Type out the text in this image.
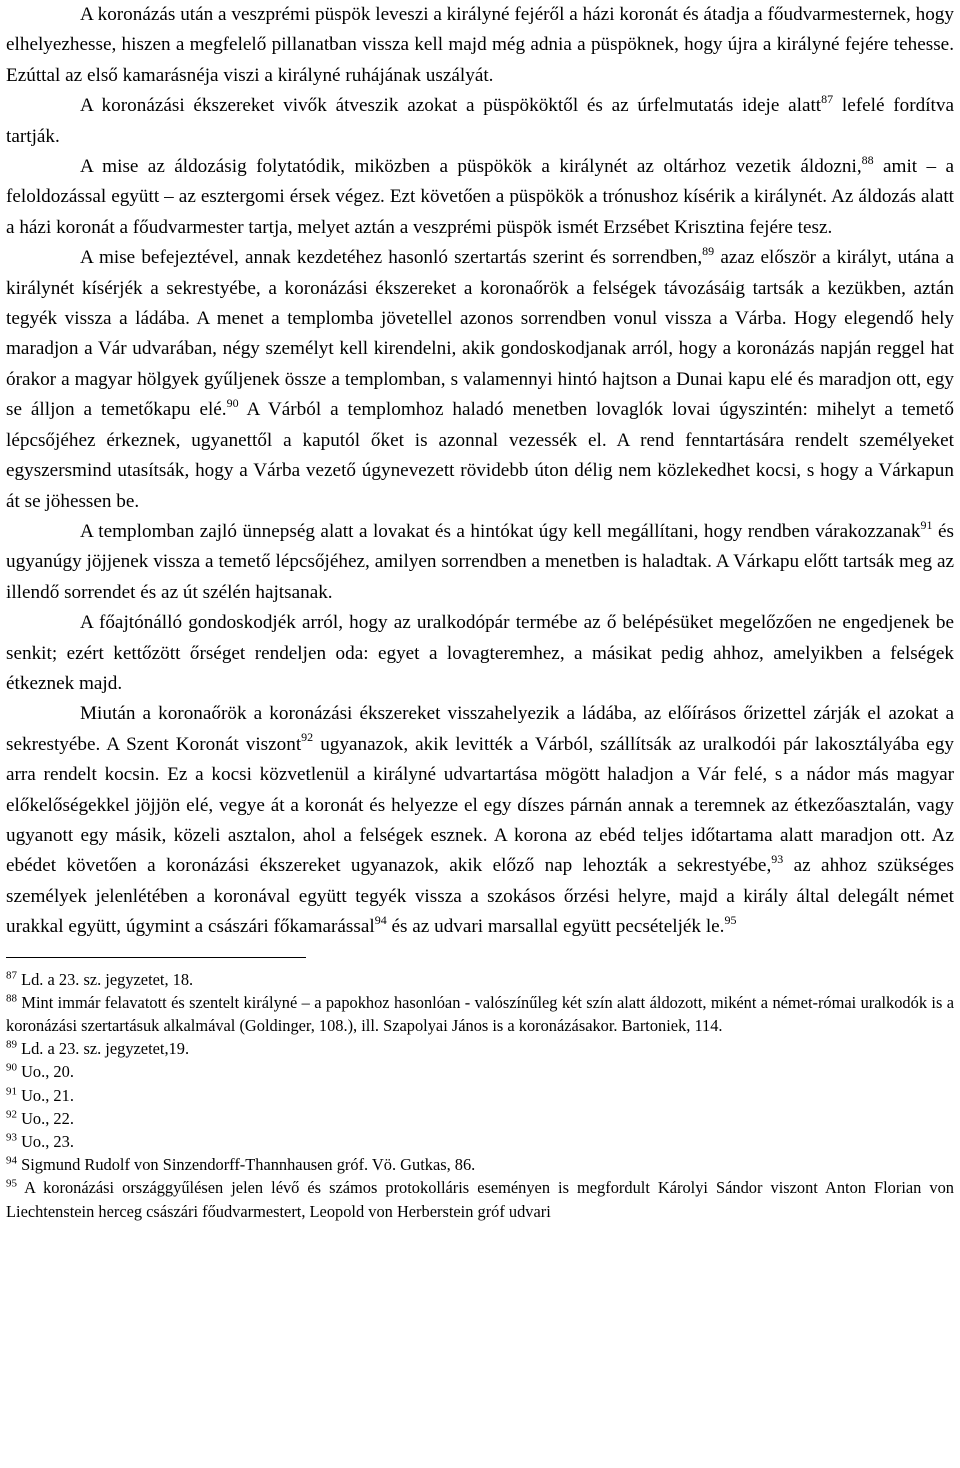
A koronázás után a veszprémi püspök leveszi a királyné fejéről a házi koronát és átadja a főudvarmesternek, hogy elhelyezhesse, hiszen a megfelelő pillanatban vissza kell majd még adnia a püspöknek, hogy újra a királyné fejére tehesse. Ezúttal az első kamarásnéja viszi a királyné ruhájának uszályát.

A koronázási ékszereket vivők átveszik azokat a püspököktől és az úrfelmutatás ideje alatt$^{87}$ lefelé fordítva tartják.

A mise az áldozásig folytatódik, miközben a püspökök a királynét az oltárhoz vezetik áldozni,$^{88}$ amit – a feloldozással együtt – az esztergomi érsek végez. Ezt követően a püspökök a trónushoz kísérik a királynét. Az áldozás alatt a házi koronát a főudvarmester tartja, melyet aztán a veszprémi püspök ismét Erzsébet Krisztina fejére tesz.

A mise befejeztével, annak kezdetéhez hasonló szertartás szerint és sorrendben,$^{89}$ azaz először a királyt, utána a királynét kísérjék a sekrestyébe, a koronázási ékszereket a koronaőrök a felségek távozásáig tartsák a kezükben, aztán tegyék vissza a ládába. A menet a templomba jövetellel azonos sorrendben vonul vissza a Várba. Hogy elegendő hely maradjon a Vár udvarában, négy személyt kell kirendelni, akik gondoskodjanak arról, hogy a koronázás napján reggel hat órakor a magyar hölgyek gyűljenek össze a templomban, s valamennyi hintó hajtson a Dunai kapu elé és maradjon ott, egy se álljon a temetőkapu elé.$^{90}$ A Várból a templomhoz haladó menetben lovaglók lovai úgyszintén: mihelyt a temető lépcsőjéhez érkeznek, ugyanettől a kaputól őket is azonnal vezessék el. A rend fenntartására rendelt személyeket egyszersmind utasítsák, hogy a Várba vezető úgynevezett rövidebb úton délig nem közlekedhet kocsi, s hogy a Várkapun át se jöhessen be.

A templomban zajló ünnepség alatt a lovakat és a hintókat úgy kell megállítani, hogy rendben várakozzanak$^{91}$ és ugyanúgy jöjjenek vissza a temető lépcsőjéhez, amilyen sorrendben a menetben is haladtak. A Várkapu előtt tartsák meg az illendő sorrendet és az út szélén hajtsanak.

A főajtónálló gondoskodjék arról, hogy az uralkodópár termébe az ő belépésüket megelőzően ne engedjenek be senkit; ezért kettőzött őrséget rendeljen oda: egyet a lovagteremhez, a másikat pedig ahhoz, amelyikben a felségek étkeznek majd.

Miután a koronaőrök a koronázási ékszereket visszahelyezik a ládába, az előírásos őrizettel zárják el azokat a sekrestyébe. A Szent Koronát viszont$^{92}$ ugyanazok, akik levitték a Várból, szállítsák az uralkodói pár lakosztályába egy arra rendelt kocsin. Ez a kocsi közvetlenül a királyné udvartartása mögött haladjon a Vár felé, s a nádor más magyar előkelőségekkel jöjjön elé, vegye át a koronát és helyezze el egy díszes párnán annak a teremnek az étkezőasztalán, vagy ugyanott egy másik, közeli asztalon, ahol a felségek esznek. A korona az ebéd teljes időtartama alatt maradjon ott. Az ebédet követően a koronázási ékszereket ugyanazok, akik előző nap lehozták a sekrestyébe,$^{93}$ az ahhoz szükséges személyek jelenlétében a koronával együtt tegyék vissza a szokásos őrzési helyre, majd a király által delegált német urakkal együtt, úgymint a császári főkamarással$^{94}$ és az udvari marsallal együtt pecsételjék le.$^{95}$

$^{87}$ Ld. a 23. sz. jegyzetet, 18.
$^{88}$ Mint immár felavatott és szentelt királyné – a papokhoz hasonlóan - valószínűleg két szín alatt áldozott, miként a német-római uralkodók is a koronázási szertartásuk alkalmával (Goldinger, 108.), ill. Szapolyai János is a koronázásakor. Bartoniek, 114.
$^{89}$ Ld. a 23. sz. jegyzetet,19.
$^{90}$ Uo., 20.
$^{91}$ Uo., 21.
$^{92}$ Uo., 22.
$^{93}$ Uo., 23.
$^{94}$ Sigmund Rudolf von Sinzendorff-Thannhausen gróf. Vö. Gutkas, 86.
$^{95}$ A koronázási országgyűlésen jelen lévő és számos protokolláris eseményen is megfordult Károlyi Sándor viszont Anton Florian von Liechtenstein herceg császári főudvarmestert, Leopold von Herberstein gróf udvari
